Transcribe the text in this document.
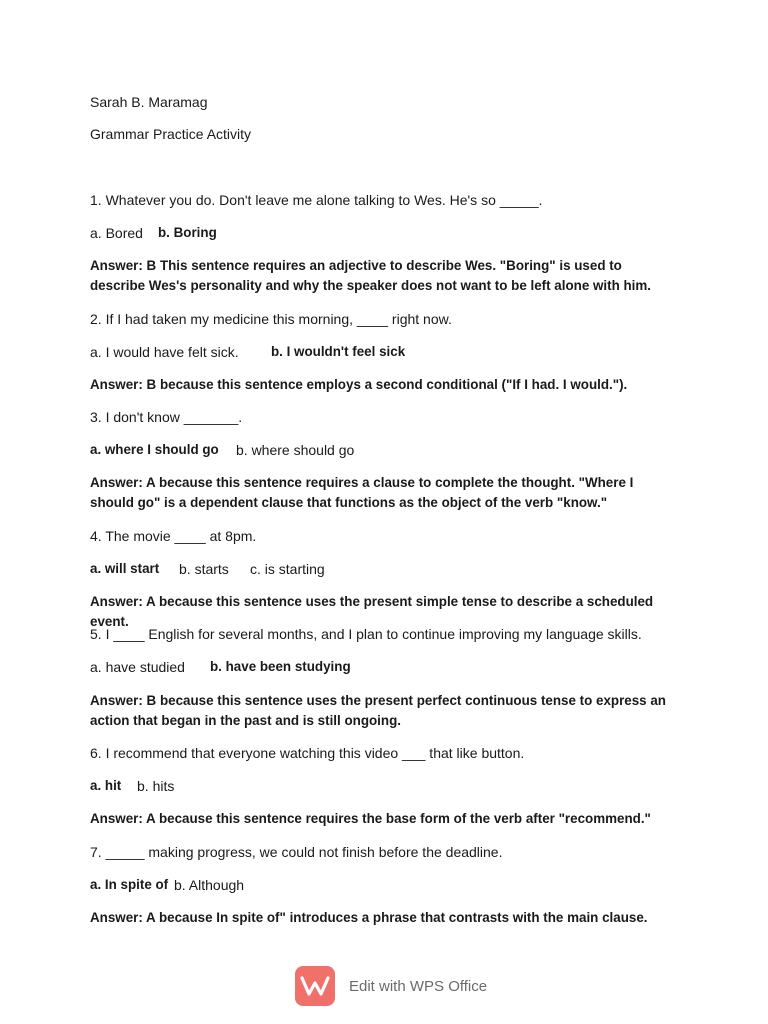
Sarah B. Maramag
Grammar Practice Activity
1. Whatever you do. Don't leave me alone talking to Wes. He's so _____.
a. Bored b. Boring
Answer: B This sentence requires an adjective to describe Wes. "Boring" is used to describe Wes's personality and why the speaker does not want to be left alone with him.
2. If I had taken my medicine this morning, ____ right now.
a. I would have felt sick. b. I wouldn't feel sick
Answer: B because this sentence employs a second conditional ("If I had. I would.").
3. I don't know _______.
a. where I should go b. where should go
Answer: A because this sentence requires a clause to complete the thought. "Where I should go" is a dependent clause that functions as the object of the verb "know."
4. The movie ____ at 8pm.
a. will start b. starts c. is starting
Answer: A because this sentence uses the present simple tense to describe a scheduled event.
5. I ____ English for several months, and I plan to continue improving my language skills.
a. have studied b. have been studying
Answer: B because this sentence uses the present perfect continuous tense to express an action that began in the past and is still ongoing.
6. I recommend that everyone watching this video ___ that like button.
a. hit b. hits
Answer: A because this sentence requires the base form of the verb after "recommend."
7. _____ making progress, we could not finish before the deadline.
a. In spite of b. Although
Answer: A because In spite of" introduces a phrase that contrasts with the main clause.
Edit with WPS Office
